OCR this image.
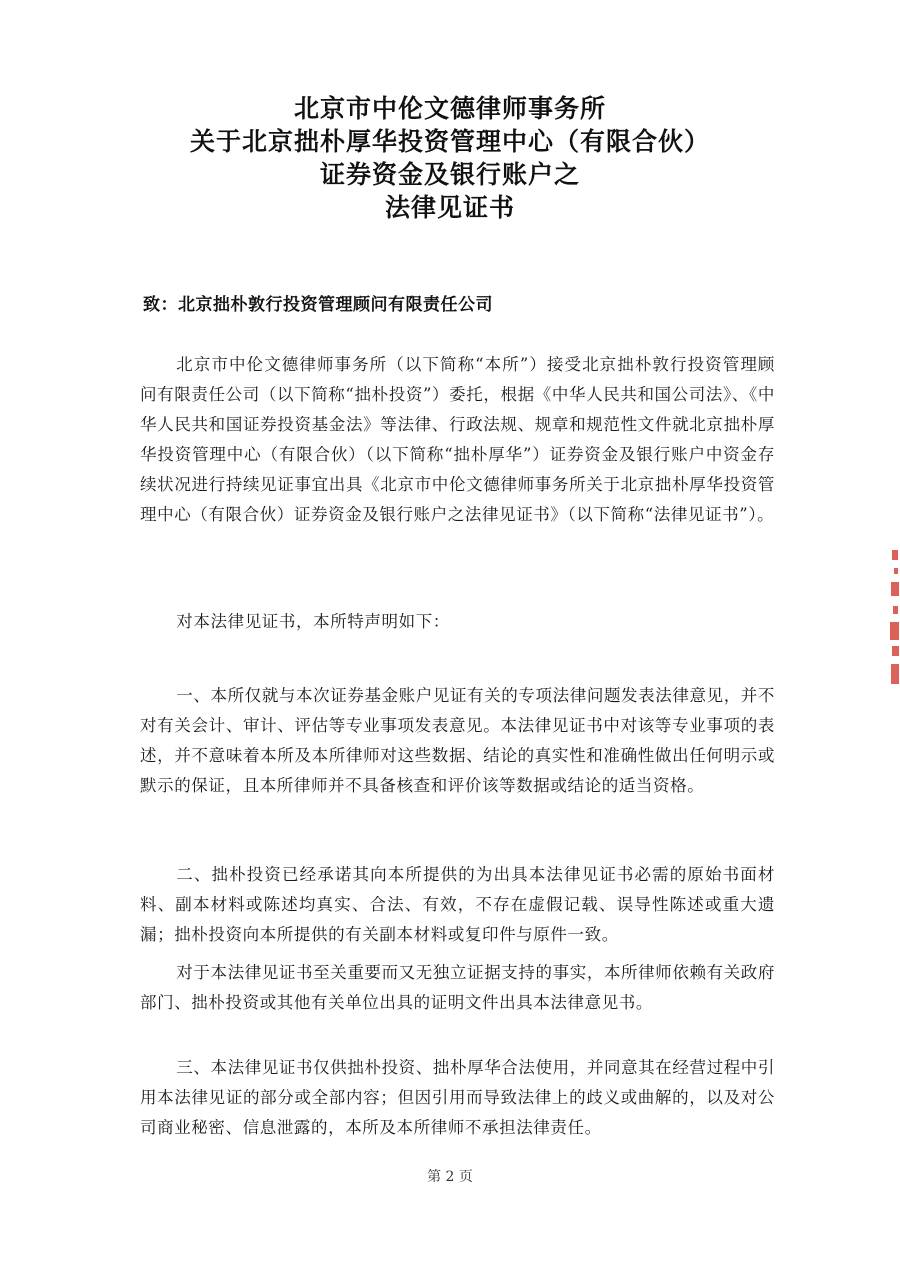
北京市中伦文德律师事务所
关于北京拙朴厚华投资管理中心（有限合伙）
证券资金及银行账户之
法律见证书
致：北京拙朴敦行投资管理顾问有限责任公司

北京市中伦文德律师事务所（以下简称“本所”）接受北京拙朴敦行投资管理顾问有限责任公司（以下简称“拙朴投资”）委托，根据《中华人民共和国公司法》、《中华人民共和国证券投资基金法》等法律、行政法规、规章和规范性文件就北京拙朴厚华投资管理中心（有限合伙）（以下简称“拙朴厚华”）证券资金及银行账户中资金存续状况进行持续见证事宜出具《北京市中伦文德律师事务所关于北京拙朴厚华投资管理中心（有限合伙）证券资金及银行账户之法律见证书》（以下简称“法律见证书”）。

对本法律见证书，本所特声明如下：

一、本所仅就与本次证券基金账户见证有关的专项法律问题发表法律意见，并不对有关会计、审计、评估等专业事项发表意见。本法律见证书中对该等专业事项的表述，并不意味着本所及本所律师对这些数据、结论的真实性和准确性做出任何明示或默示的保证，且本所律师并不具备核查和评价该等数据或结论的适当资格。

二、拙朴投资已经承诺其向本所提供的为出具本法律见证书必需的原始书面材料、副本材料或陈述均真实、合法、有效，不存在虚假记载、误导性陈述或重大遗漏；拙朴投资向本所提供的有关副本材料或复印件与原件一致。

对于本法律见证书至关重要而又无独立证据支持的事实，本所律师依赖有关政府部门、拙朴投资或其他有关单位出具的证明文件出具本法律意见书。

三、本法律见证书仅供拙朴投资、拙朴厚华合法使用，并同意其在经营过程中引用本法律见证的部分或全部内容；但因引用而导致法律上的歧义或曲解的，以及对公司商业秘密、信息泄露的，本所及本所律师不承担法律责任。

第 2 页
